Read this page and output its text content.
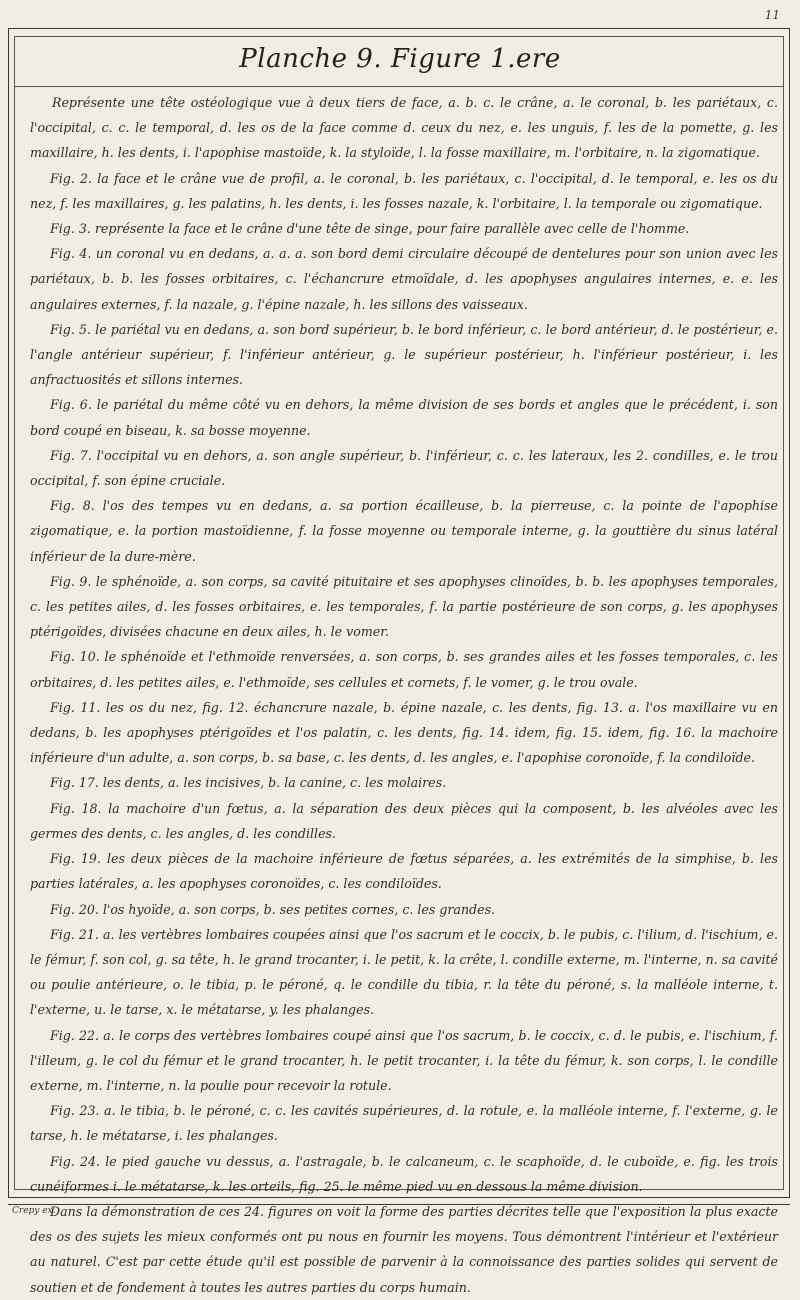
11
Planche 9. Figure 1.ere

Représente une tête ostéologique vue à deux tiers de face, a. b. c. le crâne, a. le coronal, b. les pariétaux, c. l'occipital, c. c. le temporal, d. les os de la face comme d. ceux du nez, e. les unguis, f. les de la pomette, g. les maxillaire, h. les dents, i. l'apophise mastoïde, k. la styloïde, l. la fosse maxillaire, m. l'orbitaire, n. la zigomatique.

Fig. 2. la face et le crâne vue de profil, a. le coronal, b. les pariétaux, c. l'occipital, d. le temporal, e. les os du nez, f. les maxillaires, g. les palatins, h. les dents, i. les fosses nazale, k. l'orbitaire, l. la temporale ou zigomatique.

Fig. 3. représente la face et le crâne d'une tête de singe, pour faire parallèle avec celle de l'homme.

Fig. 4. un coronal vu en dedans, a. a. a. son bord demi circulaire découpé de dentelures pour son union avec les pariétaux, b. b. les fosses orbitaires, c. l'échancrure etmoïdale, d. les apophyses angulaires internes, e. e. les angulaires externes, f. la nazale, g. l'épine nazale, h. les sillons des vaisseaux.

Fig. 5. le pariétal vu en dedans, a. son bord supérieur, b. le bord inférieur, c. le bord antérieur, d. le postérieur, e. l'angle antérieur supérieur, f. l'inférieur antérieur, g. le supérieur postérieur, h. l'inférieur postérieur, i. les anfractuosités et sillons internes.

Fig. 6. le pariétal du même côté vu en dehors, la même division de ses bords et angles que le précédent, i. son bord coupé en biseau, k. sa bosse moyenne.

Fig. 7. l'occipital vu en dehors, a. son angle supérieur, b. l'inférieur, c. c. les lateraux, les 2. condilles, e. le trou occipital, f. son épine cruciale.

Fig. 8. l'os des tempes vu en dedans, a. sa portion écailleuse, b. la pierreuse, c. la pointe de l'apophise zigomatique, e. la portion mastoïdienne, f. la fosse moyenne ou temporale interne, g. la gouttière du sinus latéral inférieur de la dure-mère.

Fig. 9. le sphénoïde, a. son corps, sa cavité pituitaire et ses apophyses clinoïdes, b. b. les apophyses temporales, c. les petites ailes, d. les fosses orbitaires, e. les temporales, f. la partie postérieure de son corps, g. les apophyses ptérigoïdes, divisées chacune en deux ailes, h. le vomer.

Fig. 10. le sphénoïde et l'ethmoïde renversées, a. son corps, b. ses grandes ailes et les fosses temporales, c. les orbitaires, d. les petites ailes, e. l'ethmoïde, ses cellules et cornets, f. le vomer, g. le trou ovale.

Fig. 11. les os du nez, fig. 12. échancrure nazale, b. épine nazale, c. les dents, fig. 13. a. l'os maxillaire vu en dedans, b. les apophyses ptérigoïdes et l'os palatin, c. les dents, fig. 14. idem, fig. 15. idem, fig. 16. la machoire inférieure d'un adulte, a. son corps, b. sa base, c. les dents, d. les angles, e. l'apophise coronoïde, f. la condiloïde.

Fig. 17. les dents, a. les incisives, b. la canine, c. les molaires.

Fig. 18. la machoire d'un fœtus, a. la séparation des deux pièces qui la composent, b. les alvéoles avec les germes des dents, c. les angles, d. les condilles.

Fig. 19. les deux pièces de la machoire inférieure de fœtus séparées, a. les extrémités de la simphise, b. les parties latérales, a. les apophyses coronoïdes, c. les condiloïdes.

Fig. 20. l'os hyoïde, a. son corps, b. ses petites cornes, c. les grandes.

Fig. 21. a. les vertèbres lombaires coupées ainsi que l'os sacrum et le coccix, b. le pubis, c. l'ilium, d. l'ischium, e. le fémur, f. son col, g. sa tête, h. le grand trocanter, i. le petit, k. la crête, l. condille externe, m. l'interne, n. sa cavité ou poulie antérieure, o. le tibia, p. le péroné, q. le condille du tibia, r. la tête du péroné, s. la malléole interne, t. l'externe, u. le tarse, x. le métatarse, y. les phalanges.

Fig. 22. a. le corps des vertèbres lombaires coupé ainsi que l'os sacrum, b. le coccix, c. d. le pubis, e. l'ischium, f. l'illeum, g. le col du fémur et le grand trocanter, h. le petit trocanter, i. la tête du fémur, k. son corps, l. le condille externe, m. l'interne, n. la poulie pour recevoir la rotule.

Fig. 23. a. le tibia, b. le péroné, c. c. les cavités supérieures, d. la rotule, e. la malléole interne, f. l'externe, g. le tarse, h. le métatarse, i. les phalanges.

Fig. 24. le pied gauche vu dessus, a. l'astragale, b. le calcaneum, c. le scaphoïde, d. le cuboïde, e. fig. les trois cunéiformes i. le métatarse, k. les orteils, fig. 25. le même pied vu en dessous la même division.

Dans la démonstration de ces 24. figures on voit la forme des parties décrites telle que l'exposition la plus exacte des os des sujets les mieux conformés ont pu nous en fournir les moyens. Tous démontrent l'intérieur et l'extérieur au naturel. C'est par cette étude qu'il est possible de parvenir à la connoissance des parties solides qui servent de soutien et de fondement à toutes les autres parties du corps humain.

Crepy ex.
